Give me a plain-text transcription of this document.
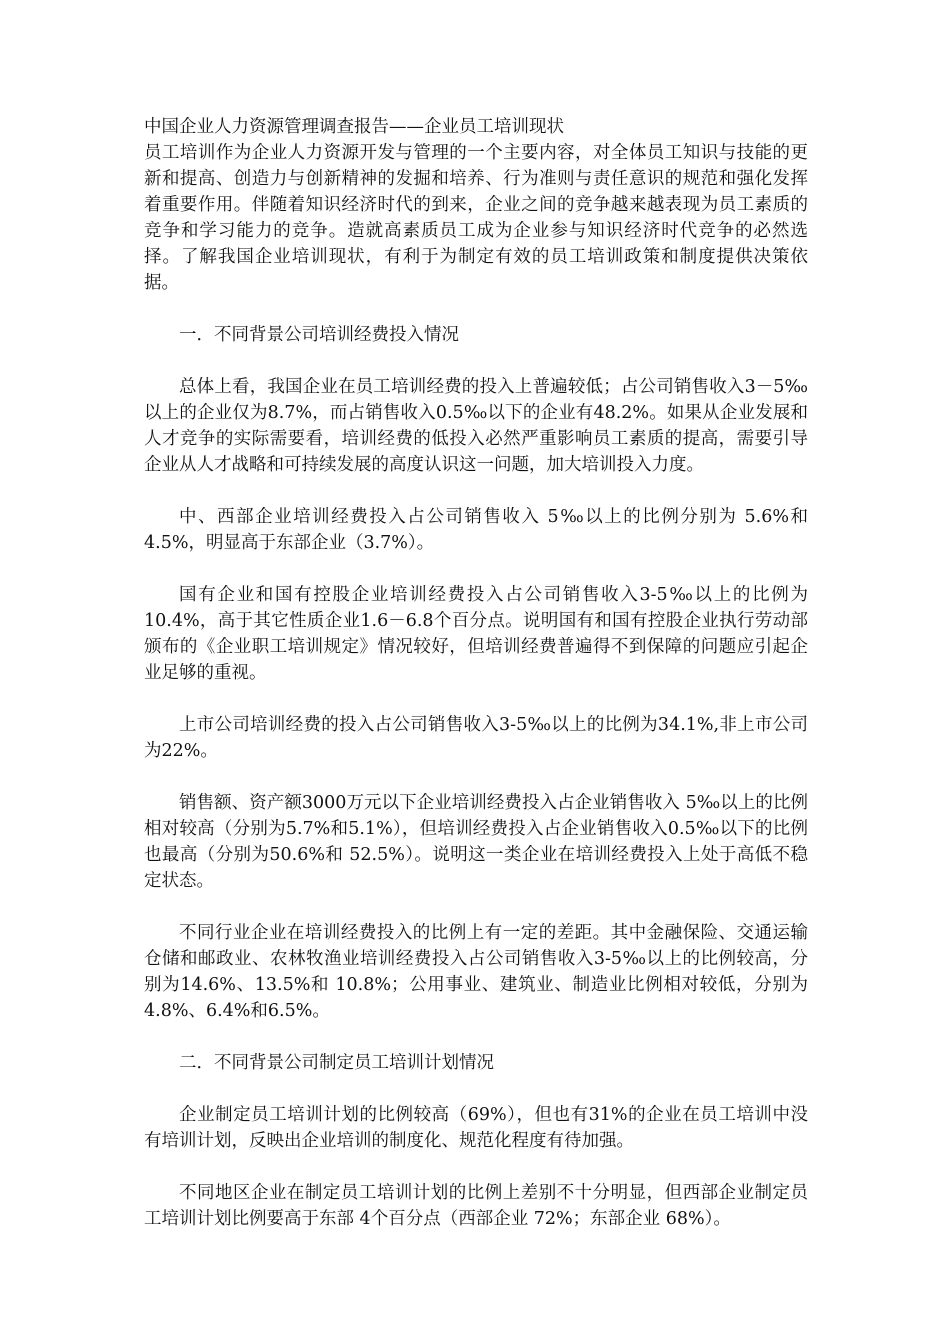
中国企业人力资源管理调查报告——企业员工培训现状

员工培训作为企业人力资源开发与管理的一个主要内容，对全体员工知识与技能的更新和提高、创造力与创新精神的发掘和培养、行为准则与责任意识的规范和强化发挥着重要作用。伴随着知识经济时代的到来，企业之间的竞争越来越表现为员工素质的竞争和学习能力的竞争。造就高素质员工成为企业参与知识经济时代竞争的必然选择。了解我国企业培训现状，有利于为制定有效的员工培训政策和制度提供决策依据。

一．不同背景公司培训经费投入情况

总体上看，我国企业在员工培训经费的投入上普遍较低；占公司销售收入3－5‰以上的企业仅为8.7%，而占销售收入0.5‰以下的企业有48.2%。如果从企业发展和人才竞争的实际需要看，培训经费的低投入必然严重影响员工素质的提高，需要引导企业从人才战略和可持续发展的高度认识这一问题，加大培训投入力度。

中、西部企业培训经费投入占公司销售收入 5‰以上的比例分别为 5.6%和4.5%，明显高于东部企业（3.7%）。

国有企业和国有控股企业培训经费投入占公司销售收入3-5‰以上的比例为10.4%，高于其它性质企业1.6－6.8个百分点。说明国有和国有控股企业执行劳动部颁布的《企业职工培训规定》情况较好，但培训经费普遍得不到保障的问题应引起企业足够的重视。

上市公司培训经费的投入占公司销售收入3-5‰以上的比例为34.1%,非上市公司为22%。

销售额、资产额3000万元以下企业培训经费投入占企业销售收入 5‰以上的比例相对较高（分别为5.7%和5.1%），但培训经费投入占企业销售收入0.5‰以下的比例也最高（分别为50.6%和 52.5%）。说明这一类企业在培训经费投入上处于高低不稳定状态。

不同行业企业在培训经费投入的比例上有一定的差距。其中金融保险、交通运输仓储和邮政业、农林牧渔业培训经费投入占公司销售收入3-5‰以上的比例较高，分别为14.6%、13.5%和 10.8%；公用事业、建筑业、制造业比例相对较低，分别为4.8%、6.4%和6.5%。

二．不同背景公司制定员工培训计划情况

企业制定员工培训计划的比例较高（69%），但也有31%的企业在员工培训中没有培训计划，反映出企业培训的制度化、规范化程度有待加强。

不同地区企业在制定员工培训计划的比例上差别不十分明显，但西部企业制定员工培训计划比例要高于东部 4个百分点（西部企业 72%；东部企业 68%）。
